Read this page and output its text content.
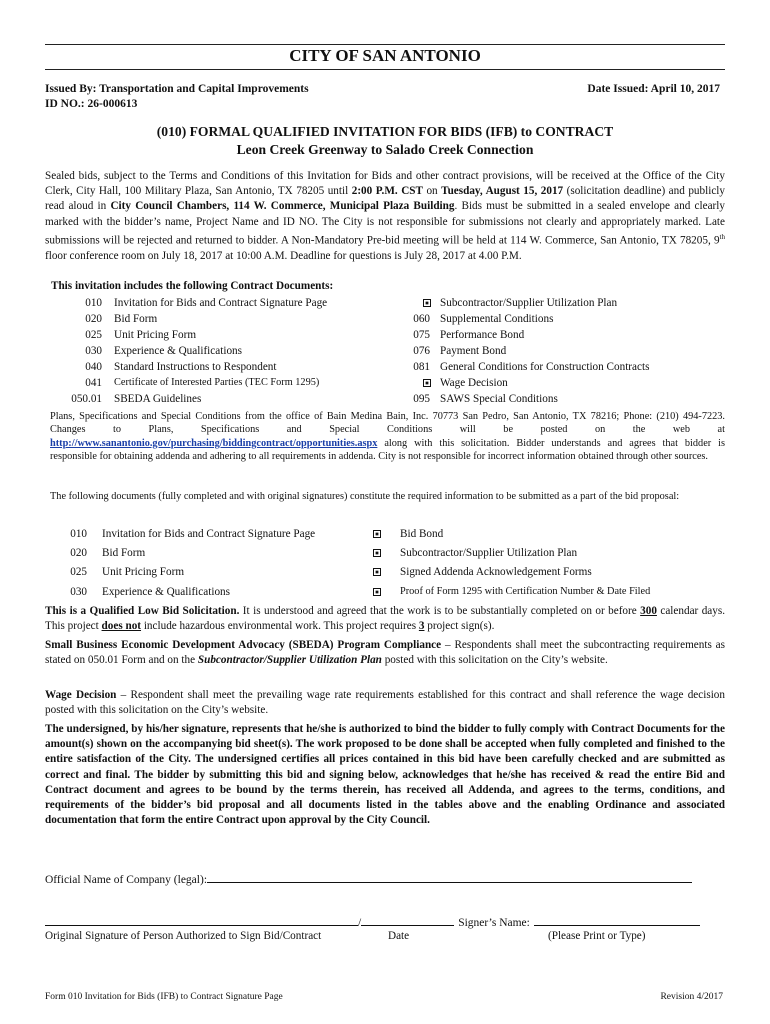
CITY OF SAN ANTONIO
Issued By: Transportation and Capital Improvements
ID NO.: 26-000613
Date Issued: April 10, 2017
(010) FORMAL QUALIFIED INVITATION FOR BIDS (IFB) to CONTRACT
Leon Creek Greenway to Salado Creek Connection
Sealed bids, subject to the Terms and Conditions of this Invitation for Bids and other contract provisions, will be received at the Office of the City Clerk, City Hall, 100 Military Plaza, San Antonio, TX 78205 until 2:00 P.M. CST on Tuesday, August 15, 2017 (solicitation deadline) and publicly read aloud in City Council Chambers, 114 W. Commerce, Municipal Plaza Building. Bids must be submitted in a sealed envelope and clearly marked with the bidder’s name, Project Name and ID NO. The City is not responsible for submissions not clearly and appropriately marked. Late submissions will be rejected and returned to bidder. A Non-Mandatory Pre-bid meeting will be held at 114 W. Commerce, San Antonio, TX 78205, 9th floor conference room on July 18, 2017 at 10:00 A.M. Deadline for questions is July 28, 2017 at 4.00 P.M.
This invitation includes the following Contract Documents:
010 Invitation for Bids and Contract Signature Page
020 Bid Form
025 Unit Pricing Form
030 Experience & Qualifications
040 Standard Instructions to Respondent
041 Certificate of Interested Parties (TEC Form 1295)
050.01 SBEDA Guidelines
Subcontractor/Supplier Utilization Plan
060 Supplemental Conditions
075 Performance Bond
076 Payment Bond
081 General Conditions for Construction Contracts
Wage Decision
095 SAWS Special Conditions
Plans, Specifications and Special Conditions from the office of Bain Medina Bain, Inc. 70773 San Pedro, San Antonio, TX 78216; Phone: (210) 494-7223. Changes to Plans, Specifications and Special Conditions will be posted on the web at http://www.sanantonio.gov/purchasing/biddingcontract/opportunities.aspx along with this solicitation. Bidder understands and agrees that bidder is responsible for obtaining addenda and adhering to all requirements in addenda. City is not responsible for incorrect information obtained through other sources.
The following documents (fully completed and with original signatures) constitute the required information to be submitted as a part of the bid proposal:
010 Invitation for Bids and Contract Signature Page
020 Bid Form
025 Unit Pricing Form
030 Experience & Qualifications
Bid Bond
Subcontractor/Supplier Utilization Plan
Signed Addenda Acknowledgement Forms
Proof of Form 1295 with Certification Number & Date Filed
This is a Qualified Low Bid Solicitation. It is understood and agreed that the work is to be substantially completed on or before 300 calendar days. This project does not include hazardous environmental work. This project requires 3 project sign(s).
Small Business Economic Development Advocacy (SBEDA) Program Compliance – Respondents shall meet the subcontracting requirements as stated on 050.01 Form and on the Subcontractor/Supplier Utilization Plan posted with this solicitation on the City’s website.
Wage Decision – Respondent shall meet the prevailing wage rate requirements established for this contract and shall reference the wage decision posted with this solicitation on the City’s website.
The undersigned, by his/her signature, represents that he/she is authorized to bind the bidder to fully comply with Contract Documents for the amount(s) shown on the accompanying bid sheet(s). The work proposed to be done shall be accepted when fully completed and finished to the entire satisfaction of the City. The undersigned certifies all prices contained in this bid have been carefully checked and are submitted as correct and final. The bidder by submitting this bid and signing below, acknowledges that he/she has received & read the entire Bid and Contract document and agrees to be bound by the terms therein, has received all Addenda, and agrees to the terms, conditions, and requirements of the bidder’s bid proposal and all documents listed in the tables above and the enabling Ordinance and associated documentation that form the entire Contract upon approval by the City Council.
Official Name of Company (legal):
/	Signer’s Name:
Original Signature of Person Authorized to Sign Bid/Contract	Date	(Please Print or Type)
Form 010 Invitation for Bids (IFB) to Contract Signature Page	Revision 4/2017
